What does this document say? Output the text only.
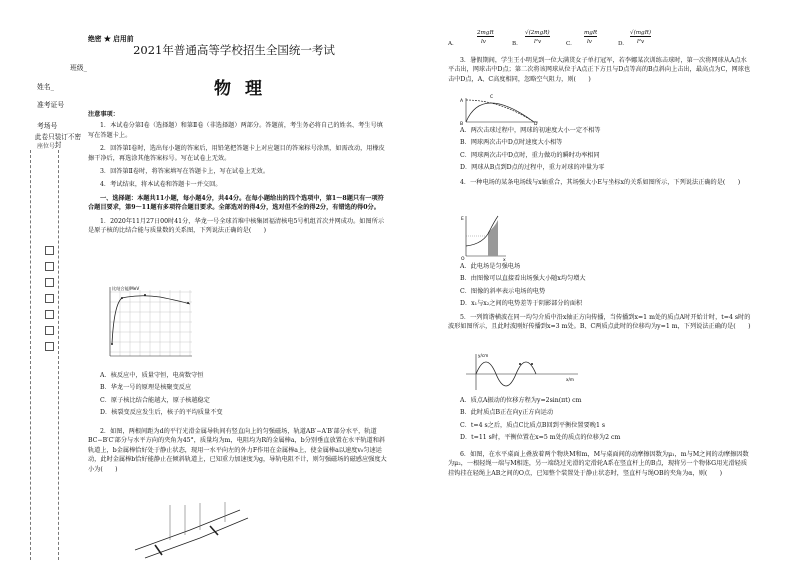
绝密 ★ 启用前
班级_
姓名_
准考证号
考场号
此卷只装订不密封
座位号
2021年普通高等学校招生全国统一考试
物 理
注意事项：
1．本试卷分第Ⅰ卷（选择题）和第Ⅱ卷（非选择题）两部分。答题前，考生务必将自己的姓名、考生号填写在答题卡上。
2．回答第Ⅰ卷时，选出每小题的答案后，用铅笔把答题卡上对应题目的答案标号涂黑，如需改动，用橡皮擦干净后，再选涂其他答案标号。写在试卷上无效。
3．回答第Ⅱ卷时，将答案填写在答题卡上，写在试卷上无效。
4．考试结束，将本试卷和答题卡一并交回。
一、选择题：本题共11小题，每小题4分，共44分。在每小题给出的四个选项中，第1～8题只有一项符合题目要求，第9～11题有多项符合题目要求。全部选对的得4分，选对但不全的得2分，有错选的得0分。
1．2020年11月27日00时41分，华龙一号全球首堆中核集团福清核电5号机组首次并网成功。如图所示是原子核的比结合能与质量数的关系图，下列说法正确的是(　　)
比结合能/MeV
A．核反应中，质量守恒，电荷数守恒
B．华龙一号的原理是核聚变反应
C．原子核比结合能越大，原子核越稳定
D．核裂变反应发生后，核子的平均质量不变
2．如图，两根间距为d的平行光滑金属导轨间有竖直向上的匀强磁场，轨道AB′−A′B′部分水平，轨道BC−B′C′部分与水平方向的夹角为45°，质量均为m，电阻均为R的金属棒a，b分别垂直放置在水平轨道和斜轨道上，b金属棒恰好处于静止状态，现用一水平向左的外力F作用在金属棒a上，使金属棒a以速度v₀匀速运动，此时金属棒b恰好能静止在倾斜轨道上，已知重力加速度为g，导轨电阻不计，则匀强磁场的磁感应强度大小为(　　)
A.
2mgR
lv	B.
√(2mgR)
l²v	C.
mgR
lv	D.
√(mgR)
l²v
3．暑假期间，学生王小明见到一位大满贯女子单打冠军，若李娜某次训练击球时，第一次将网球从A点水平击出，网球击中D点；第二次将该网球从位于A点正下方且与D点等高的B点斜向上击出，最高点为C，网球也击中D点，A、C高度相同，忽略空气阻力，则(　　)
A
B
C
D
A．两次击球过程中，网球的初速度大小一定不相等
B．网球两次击中D点时速度大小相等
C．网球两次击中D点时，重力做功的瞬时功率相同
D．网球从B点到D点的过程中，重力对球的冲量为零
4．一种电场的某条电场线与x轴重合，其场强大小E与坐标x的关系如图所示，下列说法正确的是(　　)
E
O	x
A．此电场是匀强电场
B．由图像可以直接看出场强大小随x均匀增大
C．图像的斜率表示电场的电势
D．x₁与x₂之间的电势差等于阴影部分的面积
5．一列简谐横波在同一均匀介质中沿x轴正方向传播，当传播到x=1 m处的质点A时开始计时，t=4 s时的波形如图所示，且此时波刚好传播到x=3 m处。B、C两质点此时的位移均为y=1 m，下列说法正确的是(　　)
y/cm
x/m
A．质点A振动的位移方程为y=2sin(πt) cm
B．此时质点B正在向y正方向运动
C．t=4 s之后，质点C比质点B回到平衡位置要晚1 s
D．t=11 s时，平衡位置在x=5 m处的质点的位移为2 cm
6．如图，在水平桌面上叠放着两个物块M和m，M与桌面间的动摩擦因数为μ₁，m与M之间的动摩擦因数为μ₂，一根轻绳一端与M相连，另一端绕过光滑的定滑轮A系在竖直杆上的B点，现将另一个物体G用光滑轻质挂钩挂在轻绳上AB之间的O点，已知整个装置处于静止状态时，竖直杆与绳OB的夹角为α，则(　　)
